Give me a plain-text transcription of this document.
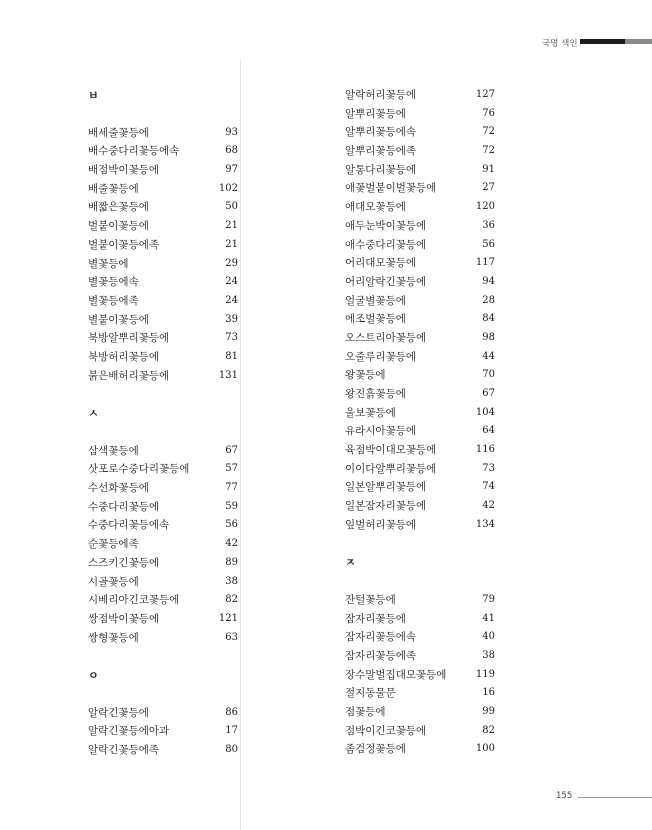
국명 색인
ㅂ
배세줄꽃등에	93
배수중다리꽃등에속	68
배점박이꽃등에	97
배줄꽃등에	102
배짧은꽃등에	50
벌붙이꽃등에	21
벌붙이꽃등에족	21
별꽃등에	29
별꽃등에속	24
별꽃등에족	24
별붙이꽃등에	39
북방알뿌리꽃등에	73
북방허리꽃등에	81
붉은배허리꽃등에	131
ㅅ
삼색꽃등에	67
삿포로수중다리꽃등에	57
수선화꽃등에	77
수중다리꽃등에	59
수중다리꽃등에속	56
순꽃등에족	42
스즈키긴꽃등에	89
시골꽃등에	38
시베리아긴코꽃등에	82
쌍점박이꽃등에	121
쌍형꽃등에	63
ㅇ
알락긴꽃등에	86
알락긴꽃등에아과	17
알락긴꽃등에족	80
알락허리꽃등에	127
알뿌리꽃등에	76
알뿌리꽃등에속	72
알뿌리꽃등에족	72
알통다리꽃등에	91
애꽃벌붙이벌꽃등에	27
애대모꽃등에	120
애두눈박이꽃등에	36
애수중다리꽃등에	56
어리대모꽃등에	117
어리알락긴꽃등에	94
얼굴별꽃등에	28
에조벌꽃등에	84
오스트리아꽃등에	98
오줄루리꽃등에	44
왕꽃등에	70
왕진흙꽃등에	67
울보꽃등에	104
유라시아꽃등에	64
육점박이대모꽃등에	116
이이다알뿌리꽃등에	73
일본알뿌리꽃등에	74
일본잠자리꽃등에	42
잎벌허리꽃등에	134
ㅈ
잔털꽃등에	79
잠자리꽃등에	41
잠자리꽃등에속	40
잠자리꽃등에족	38
장수말벌집대모꽃등에	119
절지동물문	16
점꽃등에	99
점박이긴코꽃등에	82
좀검정꽃등에	100
155
